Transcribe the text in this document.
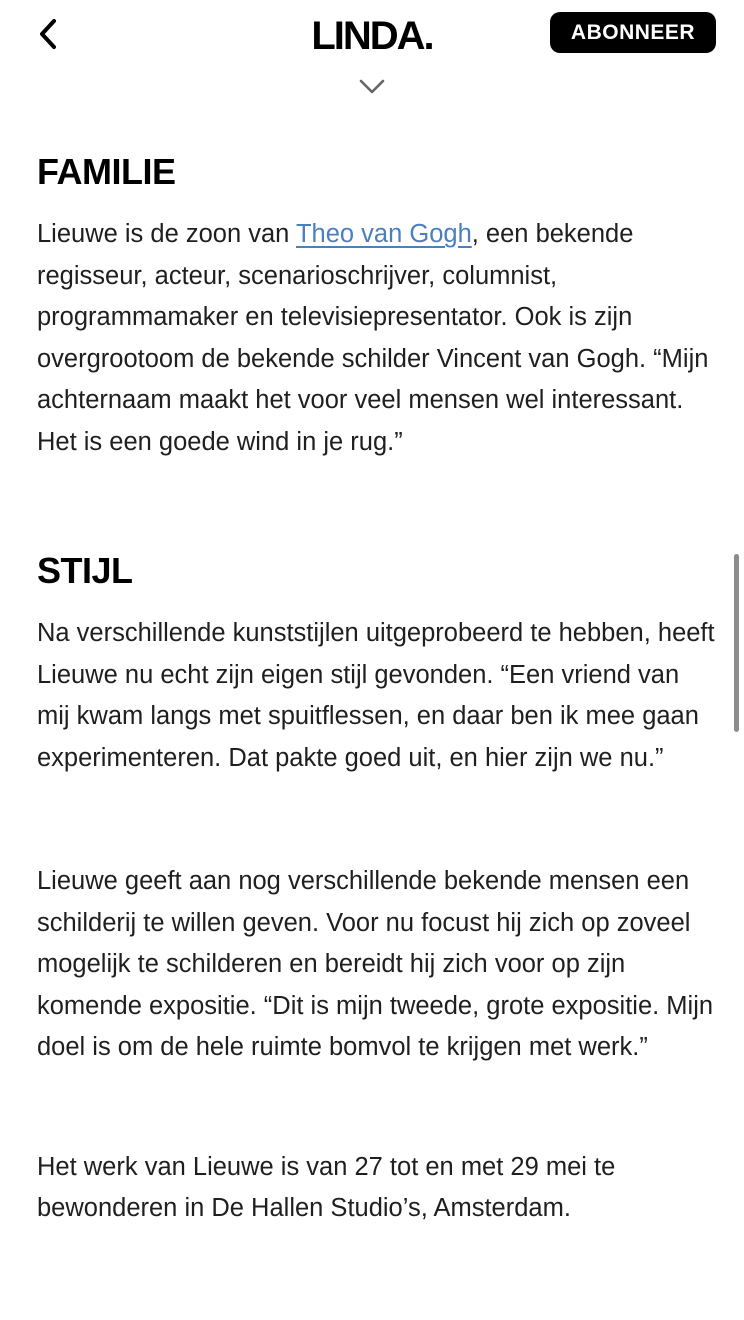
LINDA.	ABONNEER
FAMILIE

Lieuwe is de zoon van Theo van Gogh, een bekende regisseur, acteur, scenarioschrijver, columnist, programmamaker en televisiepresentator. Ook is zijn overgrootoom de bekende schilder Vincent van Gogh. “Mijn achternaam maakt het voor veel mensen wel interessant. Het is een goede wind in je rug.”

STIJL

Na verschillende kunststijlen uitgeprobeerd te hebben, heeft Lieuwe nu echt zijn eigen stijl gevonden. “Een vriend van mij kwam langs met spuitflessen, en daar ben ik mee gaan experimenteren. Dat pakte goed uit, en hier zijn we nu.”

Lieuwe geeft aan nog verschillende bekende mensen een schilderij te willen geven. Voor nu focust hij zich op zoveel mogelijk te schilderen en bereidt hij zich voor op zijn komende expositie. “Dit is mijn tweede, grote expositie. Mijn doel is om de hele ruimte bomvol te krijgen met werk.”

Het werk van Lieuwe is van 27 tot en met 29 mei te bewonderen in De Hallen Studio’s, Amsterdam.
